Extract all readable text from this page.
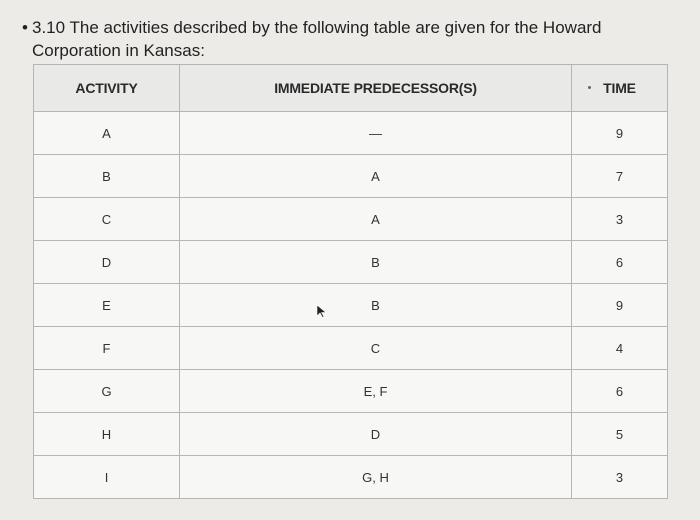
• 3.10 The activities described by the following table are given for the Howard Corporation in Kansas:
ACTIVITY	IMMEDIATE PREDECESSOR(S)	TIME
A	—	9
B	A	7
C	A	3
D	B	6
E	B	9
F	C	4
G	E, F	6
H	D	5
I	G, H	3
